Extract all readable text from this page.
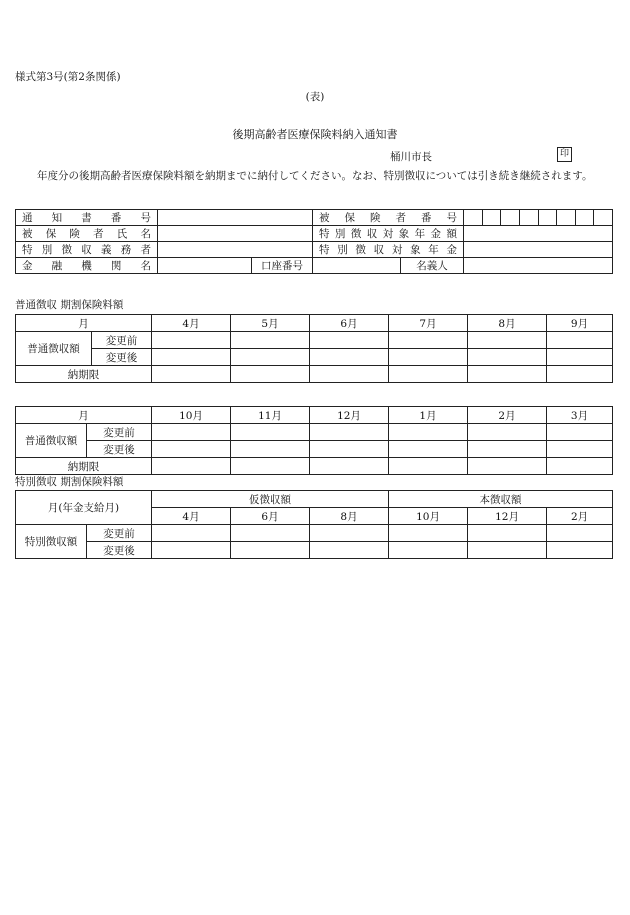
様式第3号(第2条関係)
(表)
後期高齢者医療保険料納入通知書
桶川市長	印
年度分の後期高齢者医療保険料額を納期までに納付してください。なお、特別徴収については引き続き継続されます。
通知書番号			被保険者番号		

被保険者氏名			特別徴収対象年金額		
特別徴収義務者			特別徴収対象年金		
金融機関名		口座番号		名義人	
普通徴収 期割保険料額
月		4月	5月	6月	7月	8月	9月
普通徴収額	変更前						
	変更後						
納期限							
月		10月	11月	12月	1月	2月	3月
普通徴収額	変更前						
	変更後						
納期限							
特別徴収 期割保険料額
月(年金支給月)		仮徴収額			本徴収額		
		4月	6月	8月	10月	12月	2月
特別徴収額	変更前						
	変更後						
